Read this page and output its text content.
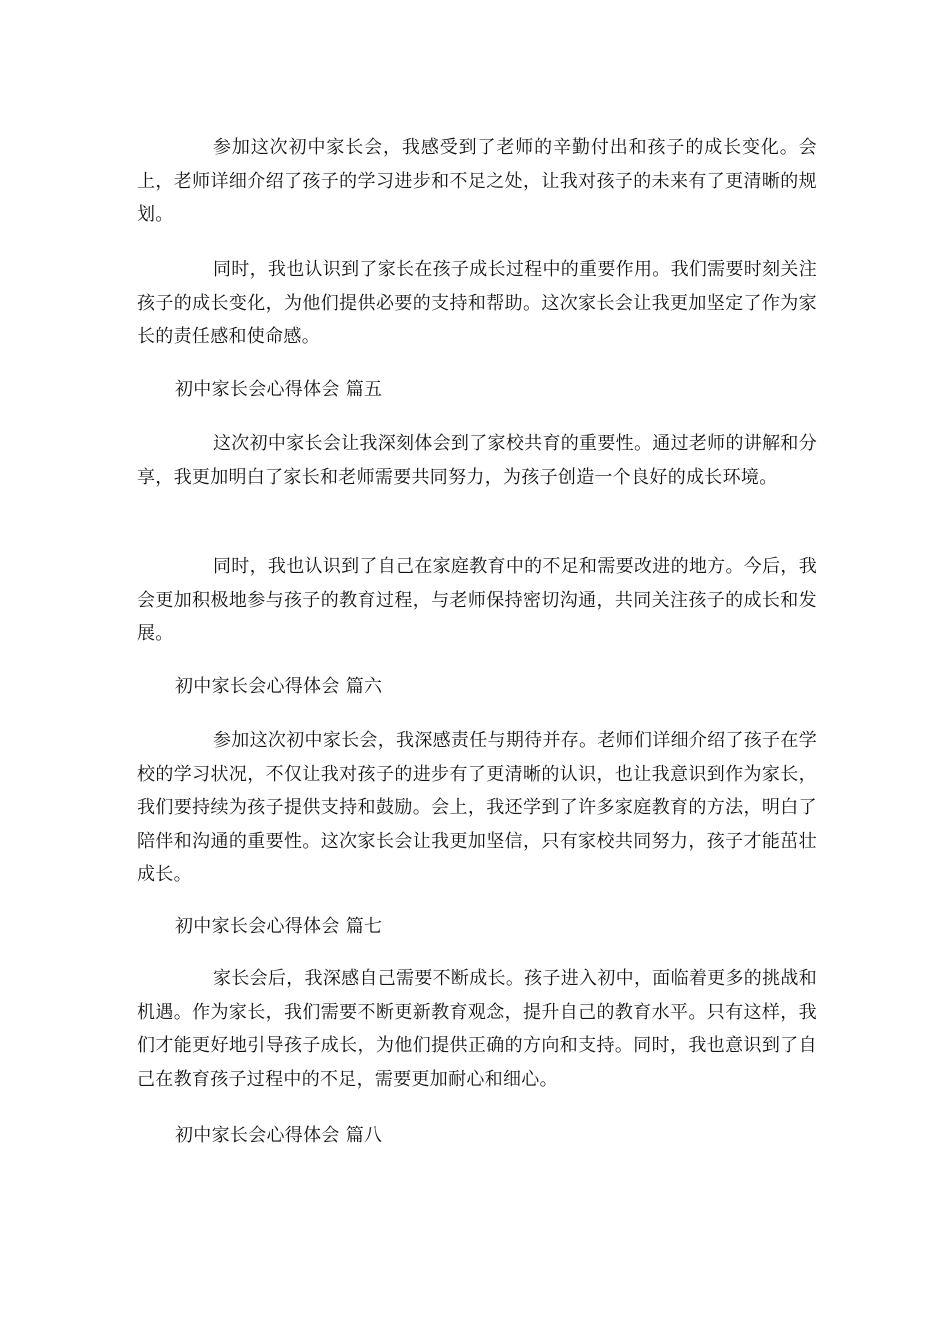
参加这次初中家长会，我感受到了老师的辛勤付出和孩子的成长变化。会上，老师详细介绍了孩子的学习进步和不足之处，让我对孩子的未来有了更清晰的规划。

同时，我也认识到了家长在孩子成长过程中的重要作用。我们需要时刻关注孩子的成长变化，为他们提供必要的支持和帮助。这次家长会让我更加坚定了作为家长的责任感和使命感。

初中家长会心得体会 篇五

这次初中家长会让我深刻体会到了家校共育的重要性。通过老师的讲解和分享，我更加明白了家长和老师需要共同努力，为孩子创造一个良好的成长环境。

同时，我也认识到了自己在家庭教育中的不足和需要改进的地方。今后，我会更加积极地参与孩子的教育过程，与老师保持密切沟通，共同关注孩子的成长和发展。

初中家长会心得体会 篇六

参加这次初中家长会，我深感责任与期待并存。老师们详细介绍了孩子在学校的学习状况，不仅让我对孩子的进步有了更清晰的认识，也让我意识到作为家长，我们要持续为孩子提供支持和鼓励。会上，我还学到了许多家庭教育的方法，明白了陪伴和沟通的重要性。这次家长会让我更加坚信，只有家校共同努力，孩子才能茁壮成长。

初中家长会心得体会 篇七

家长会后，我深感自己需要不断成长。孩子进入初中，面临着更多的挑战和机遇。作为家长，我们需要不断更新教育观念，提升自己的教育水平。只有这样，我们才能更好地引导孩子成长，为他们提供正确的方向和支持。同时，我也意识到了自己在教育孩子过程中的不足，需要更加耐心和细心。

初中家长会心得体会 篇八
